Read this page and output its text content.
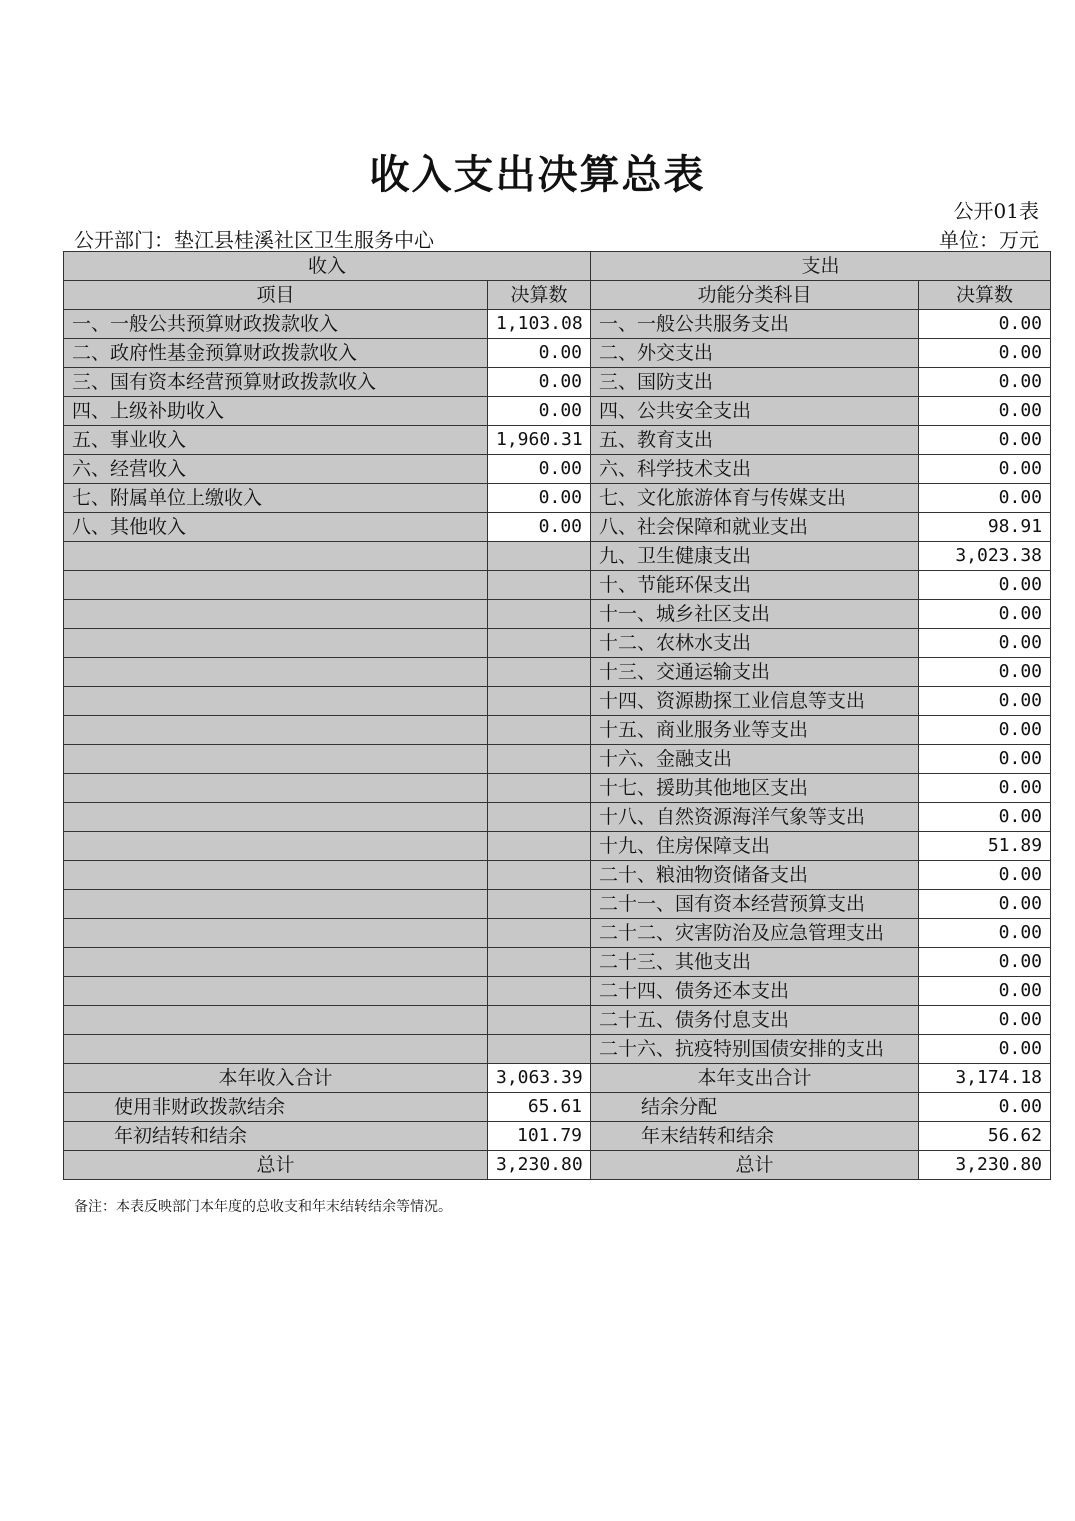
收入支出决算总表
公开01表
公开部门：垫江县桂溪社区卫生服务中心	单位：万元
收入		支出	
项目	决算数	功能分类科目	决算数
一、一般公共预算财政拨款收入	1,103.08	一、一般公共服务支出	0.00
二、政府性基金预算财政拨款收入	0.00	二、外交支出	0.00
三、国有资本经营预算财政拨款收入	0.00	三、国防支出	0.00
四、上级补助收入	0.00	四、公共安全支出	0.00
五、事业收入	1,960.31	五、教育支出	0.00
六、经营收入	0.00	六、科学技术支出	0.00
七、附属单位上缴收入	0.00	七、文化旅游体育与传媒支出	0.00
八、其他收入	0.00	八、社会保障和就业支出	98.91
		九、卫生健康支出	3,023.38
		十、节能环保支出	0.00
		十一、城乡社区支出	0.00
		十二、农林水支出	0.00
		十三、交通运输支出	0.00
		十四、资源勘探工业信息等支出	0.00
		十五、商业服务业等支出	0.00
		十六、金融支出	0.00
		十七、援助其他地区支出	0.00
		十八、自然资源海洋气象等支出	0.00
		十九、住房保障支出	51.89
		二十、粮油物资储备支出	0.00
		二十一、国有资本经营预算支出	0.00
		二十二、灾害防治及应急管理支出	0.00
		二十三、其他支出	0.00
		二十四、债务还本支出	0.00
		二十五、债务付息支出	0.00
		二十六、抗疫特别国债安排的支出	0.00
本年收入合计	3,063.39	本年支出合计	3,174.18
使用非财政拨款结余	65.61	结余分配	0.00
年初结转和结余	101.79	年末结转和结余	56.62
总计	3,230.80	总计	3,230.80
备注：本表反映部门本年度的总收支和年末结转结余等情况。
